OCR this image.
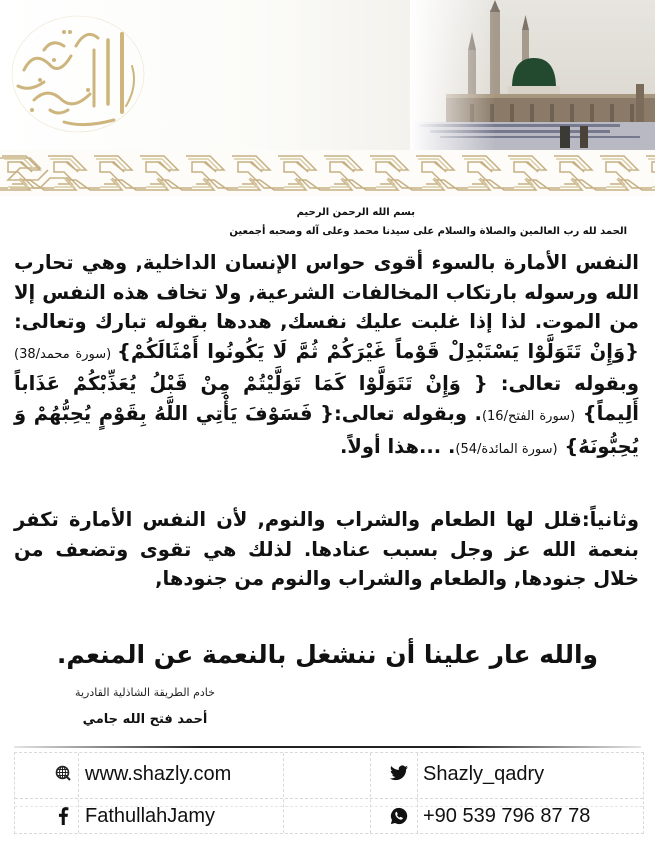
بسم الله الرحمن الرحيم
الحمد لله رب العالمين والصلاة والسلام على سيدنا محمد وعلى آله وصحبه أجمعين
النفس الأمارة بالسوء أقوى حواس الإنسان الداخلية, وهي تحارب الله ورسوله بارتكاب المخالفات الشرعية, ولا تخاف هذه النفس إلا من الموت. لذا إذا غلبت عليك نفسك, هددها بقوله تبارك وتعالى: {وَإِنْ تَتَوَلَّوْا يَسْتَبْدِلْ قَوْماً غَيْرَكُمْ ثُمَّ لَا يَكُونُوا أَمْثَالَكُمْ} (سورة محمد/38) وبقوله تعالى: { وَإِنْ تَتَوَلَّوْا كَمَا تَوَلَّيْتُمْ مِنْ قَبْلُ يُعَذِّبْكُمْ عَذَاباً أَلِيماً} (سورة الفتح/16). وبقوله تعالى:{ فَسَوْفَ يَأْتِي اللَّهُ بِقَوْمٍ يُحِبُّهُمْ وَ يُحِبُّونَهُ} (سورة المائدة/54). ...هذا أولاً.
وثانياً:قلل لها الطعام والشراب والنوم, لأن النفس الأمارة تكفر بنعمة الله عز وجل بسبب عنادها. لذلك هي تقوى وتضعف من خلال جنودها, والطعام والشراب والنوم من جنودها,
والله عار علينا أن ننشغل بالنعمة عن المنعم.
خادم الطريقة الشاذلية القادرية
أحمد فتح الله جامي
www.shazly.com	Shazly_qadry
FathullahJamy	+90 539 796 87 78
